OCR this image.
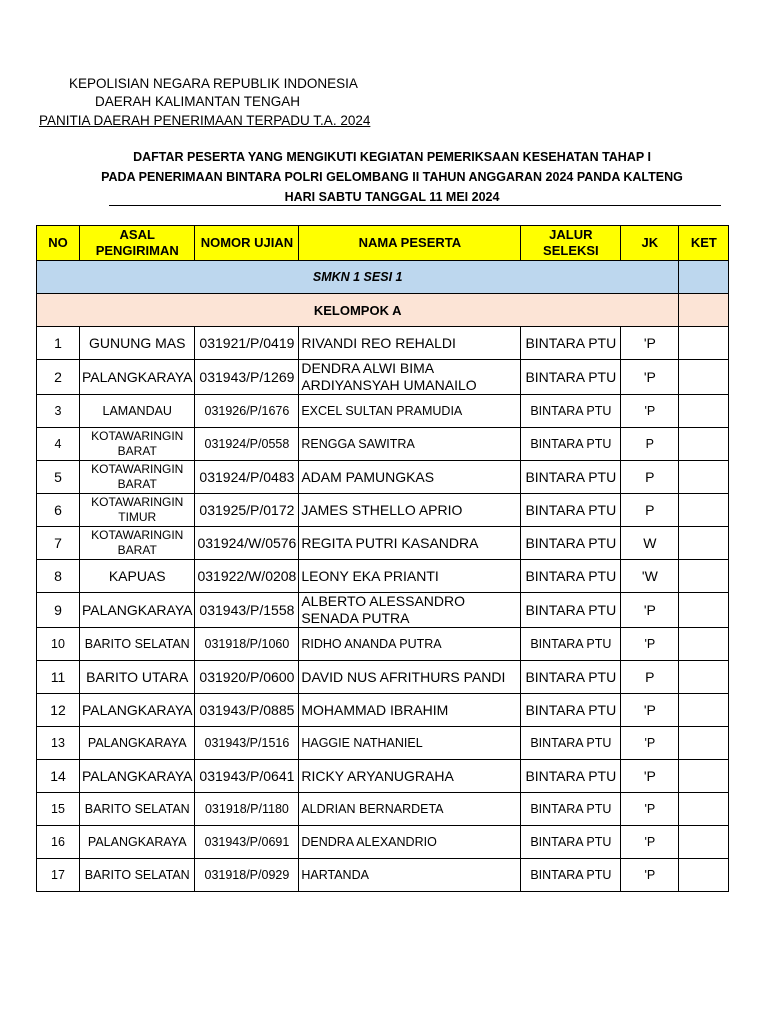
KEPOLISIAN NEGARA REPUBLIK INDONESIA
DAERAH KALIMANTAN TENGAH
PANITIA DAERAH PENERIMAAN TERPADU T.A. 2024
DAFTAR PESERTA YANG MENGIKUTI KEGIATAN PEMERIKSAAN KESEHATAN TAHAP I
PADA PENERIMAAN BINTARA POLRI GELOMBANG II TAHUN ANGGARAN 2024 PANDA KALTENG
HARI SABTU TANGGAL 11 MEI 2024
NO	ASAL PENGIRIMAN	NOMOR UJIAN	NAMA PESERTA	JALUR SELEKSI	JK	KET
SMKN 1 SESI 1						
KELOMPOK A						
1	GUNUNG MAS	031921/P/0419	RIVANDI REO REHALDI	BINTARA PTU	'P	
2	PALANGKARAYA	031943/P/1269	DENDRA ALWI BIMA ARDIYANSYAH UMANAILO	BINTARA PTU	'P	
3	LAMANDAU	031926/P/1676	EXCEL SULTAN PRAMUDIA	BINTARA PTU	'P	
4	KOTAWARINGIN BARAT	031924/P/0558	RENGGA SAWITRA	BINTARA PTU	P	
5	KOTAWARINGIN BARAT	031924/P/0483	ADAM PAMUNGKAS	BINTARA PTU	P	
6	KOTAWARINGIN TIMUR	031925/P/0172	JAMES STHELLO APRIO	BINTARA PTU	P	
7	KOTAWARINGIN BARAT	031924/W/0576	REGITA PUTRI KASANDRA	BINTARA PTU	W	
8	KAPUAS	031922/W/0208	LEONY EKA PRIANTI	BINTARA PTU	'W	
9	PALANGKARAYA	031943/P/1558	ALBERTO ALESSANDRO SENADA PUTRA	BINTARA PTU	'P	
10	BARITO SELATAN	031918/P/1060	RIDHO ANANDA PUTRA	BINTARA PTU	'P	
11	BARITO UTARA	031920/P/0600	DAVID NUS AFRITHURS PANDI	BINTARA PTU	P	
12	PALANGKARAYA	031943/P/0885	MOHAMMAD IBRAHIM	BINTARA PTU	'P	
13	PALANGKARAYA	031943/P/1516	HAGGIE NATHANIEL	BINTARA PTU	'P	
14	PALANGKARAYA	031943/P/0641	RICKY ARYANUGRAHA	BINTARA PTU	'P	
15	BARITO SELATAN	031918/P/1180	ALDRIAN BERNARDETA	BINTARA PTU	'P	
16	PALANGKARAYA	031943/P/0691	DENDRA ALEXANDRIO	BINTARA PTU	'P	
17	BARITO SELATAN	031918/P/0929	HARTANDA	BINTARA PTU	'P	
